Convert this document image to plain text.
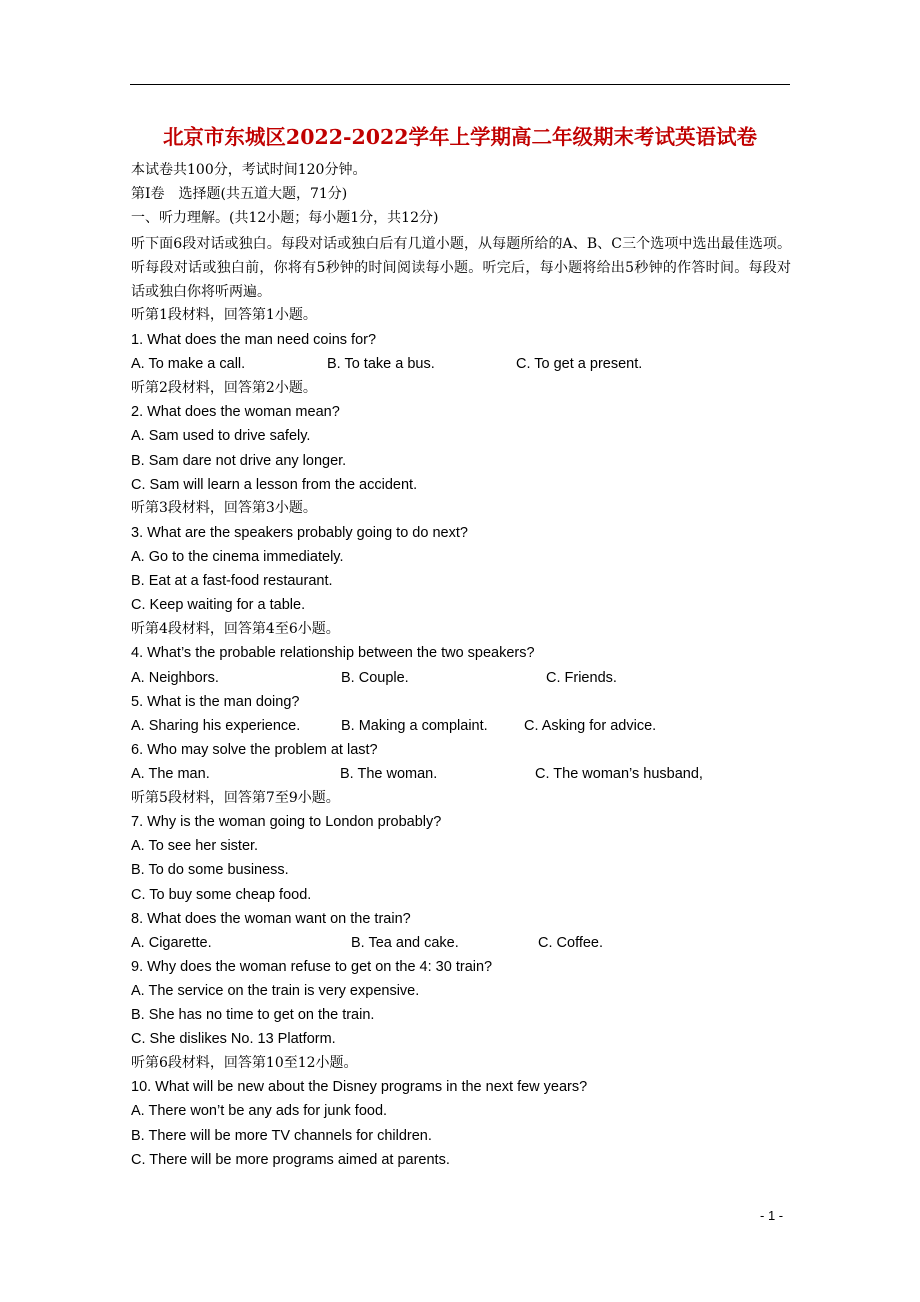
北京市东城区2022-2022学年上学期高二年级期末考试英语试卷
本试卷共100分，考试时间120分钟。
第Ⅰ卷　选择题(共五道大题，71分)
一、听力理解。(共12小题；每小题1分，共12分)
听下面6段对话或独白。每段对话或独白后有几道小题，从每题所给的A、B、C三个选项中选出最佳选项。听每段对话或独白前，你将有5秒钟的时间阅读每小题。听完后，每小题将给出5秒钟的作答时间。每段对话或独白你将听两遍。
听第1段材料，回答第1小题。
1. What does the man need coins for?
A. To make a call.	B. To take a bus.	C. To get a present.
听第2段材料，回答第2小题。
2. What does the woman mean?
A. Sam used to drive safely.
B. Sam dare not drive any longer.
C. Sam will learn a lesson from the accident.
听第3段材料，回答第3小题。
3. What are the speakers probably going to do next?
A. Go to the cinema immediately.
B. Eat at a fast-food restaurant.
C. Keep waiting for a table.
听第4段材料，回答第4至6小题。
4. What’s the probable relationship between the two speakers?
A. Neighbors.	B. Couple.	C. Friends.
5. What is the man doing?
A. Sharing his experience.	B. Making a complaint.	C. Asking for advice.
6. Who may solve the problem at last?
A. The man.	B. The woman.	C. The woman’s husband,
听第5段材料，回答第7至9小题。
7. Why is the woman going to London probably?
A. To see her sister.
B. To do some business.
C. To buy some cheap food.
8. What does the woman want on the train?
A. Cigarette.	B. Tea and cake.	C. Coffee.
9. Why does the woman refuse to get on the 4: 30 train?
A. The service on the train is very expensive.
B. She has no time to get on the train.
C. She dislikes No. 13 Platform.
听第6段材料，回答第10至12小题。
10. What will be new about the Disney programs in the next few years?
A. There won’t be any ads for junk food.
B. There will be more TV channels for children.
C. There will be more programs aimed at parents.
- 1 -
